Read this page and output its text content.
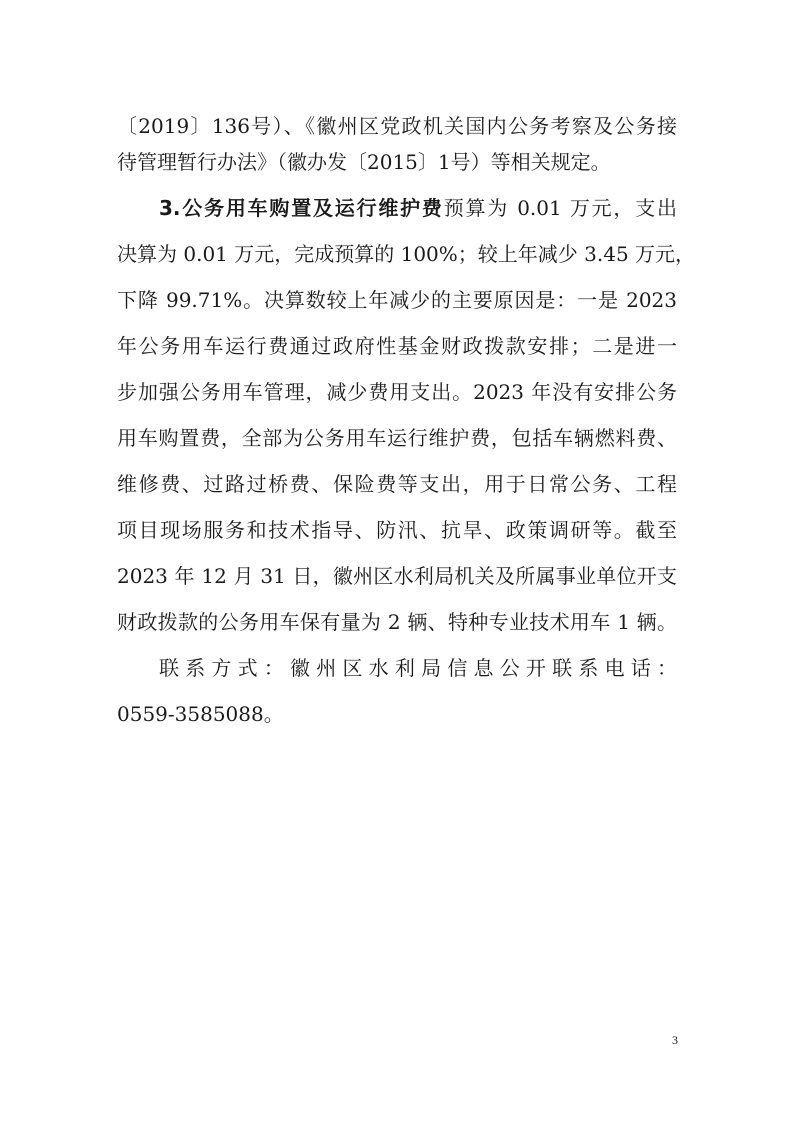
〔2019〕136号）、《徽州区党政机关国内公务考察及公务接
待管理暂行办法》（徽办发〔2015〕1号）等相关规定。
3.公务用车购置及运行维护费预算为 0.01 万元，支出
决算为 0.01 万元，完成预算的 100%；较上年减少 3.45 万元，
下降 99.71%。决算数较上年减少的主要原因是：一是 2023
年公务用车运行费通过政府性基金财政拨款安排；二是进一
步加强公务用车管理，减少费用支出。2023 年没有安排公务
用车购置费，全部为公务用车运行维护费，包括车辆燃料费、
维修费、过路过桥费、保险费等支出，用于日常公务、工程
项目现场服务和技术指导、防汛、抗旱、政策调研等。截至
2023 年 12 月 31 日，徽州区水利局机关及所属事业单位开支
财政拨款的公务用车保有量为 2 辆、特种专业技术用车 1 辆。
联系方式：徽州区水利局信息公开联系电话：
0559-3585088。
3
